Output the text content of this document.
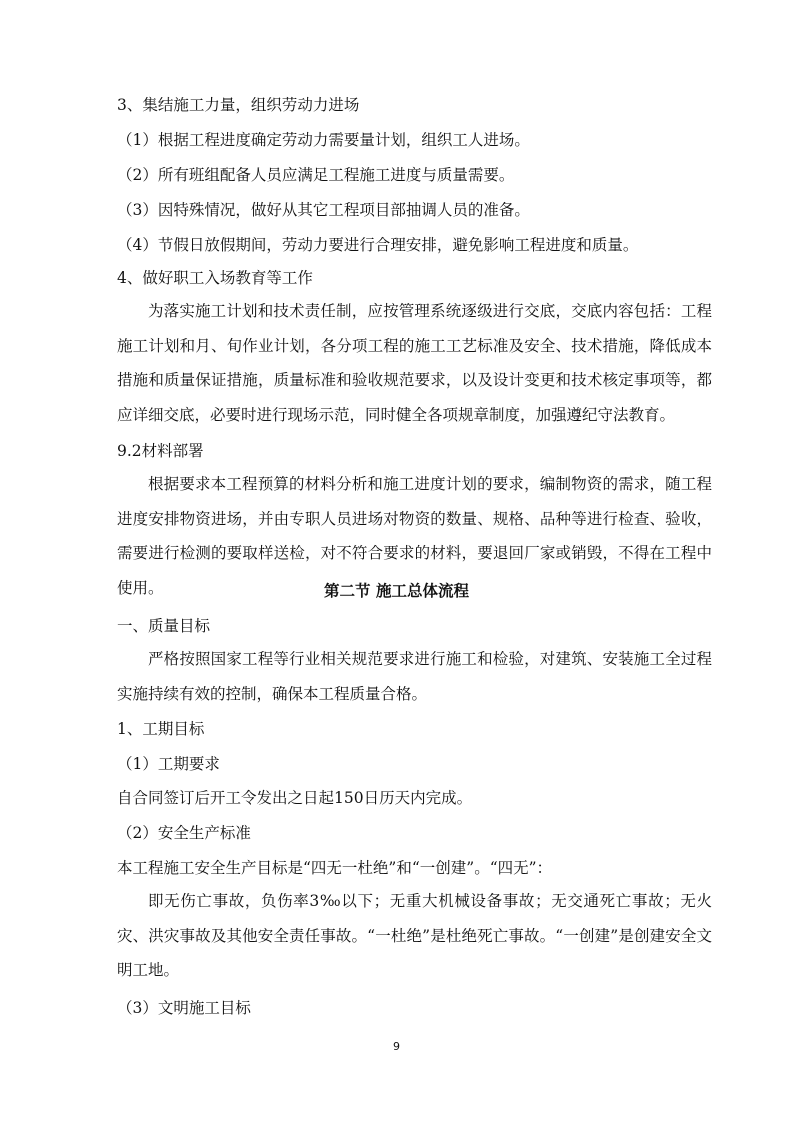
3、集结施工力量，组织劳动力进场
（1）根据工程进度确定劳动力需要量计划，组织工人进场。
（2）所有班组配备人员应满足工程施工进度与质量需要。
（3）因特殊情况，做好从其它工程项目部抽调人员的准备。
（4）节假日放假期间，劳动力要进行合理安排，避免影响工程进度和质量。
4、做好职工入场教育等工作
为落实施工计划和技术责任制，应按管理系统逐级进行交底，交底内容包括：工程施工计划和月、旬作业计划，各分项工程的施工工艺标准及安全、技术措施，降低成本措施和质量保证措施，质量标准和验收规范要求，以及设计变更和技术核定事项等，都应详细交底，必要时进行现场示范，同时健全各项规章制度，加强遵纪守法教育。
9.2材料部署
根据要求本工程预算的材料分析和施工进度计划的要求，编制物资的需求，随工程进度安排物资进场，并由专职人员进场对物资的数量、规格、品种等进行检查、验收，需要进行检测的要取样送检，对不符合要求的材料，要退回厂家或销毁，不得在工程中使用。	第二节 施工总体流程
一、质量目标
严格按照国家工程等行业相关规范要求进行施工和检验，对建筑、安装施工全过程实施持续有效的控制，确保本工程质量合格。
1、工期目标
（1）工期要求
自合同签订后开工令发出之日起150日历天内完成。
（2）安全生产标准
本工程施工安全生产目标是“四无一杜绝”和“一创建”。“四无”：
即无伤亡事故，负伤率3‰以下；无重大机械设备事故；无交通死亡事故；无火灾、洪灾事故及其他安全责任事故。“一杜绝”是杜绝死亡事故。“一创建”是创建安全文明工地。
（3）文明施工目标
9
